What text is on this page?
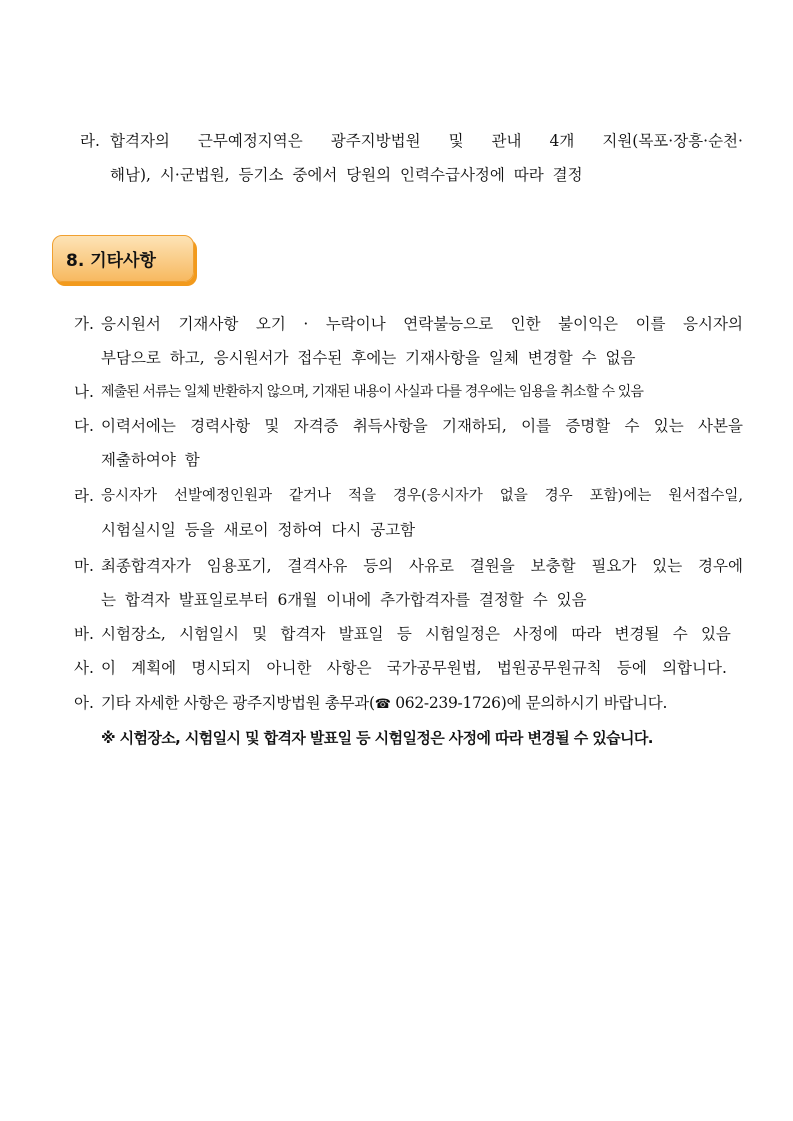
라. 합격자의 근무예정지역은 광주지방법원 및 관내 4개 지원(목포·장흥·순천·
해남), 시·군법원, 등기소 중에서 당원의 인력수급사정에 따라 결정
8. 기타사항
가. 응시원서 기재사항 오기 · 누락이나 연락불능으로 인한 불이익은 이를 응시자의
부담으로 하고, 응시원서가 접수된 후에는 기재사항을 일체 변경할 수 없음
나. 제출된 서류는 일체 반환하지 않으며, 기재된 내용이 사실과 다를 경우에는 임용을 취소할 수 있음
다. 이력서에는 경력사항 및 자격증 취득사항을 기재하되, 이를 증명할 수 있는 사본을
제출하여야 함
라. 응시자가 선발예정인원과 같거나 적을 경우(응시자가 없을 경우 포함)에는 원서접수일,
시험실시일 등을 새로이 정하여 다시 공고함
마. 최종합격자가 임용포기, 결격사유 등의 사유로 결원을 보충할 필요가 있는 경우에
는 합격자 발표일로부터 6개월 이내에 추가합격자를 결정할 수 있음
바. 시험장소, 시험일시 및 합격자 발표일 등 시험일정은 사정에 따라 변경될 수 있음
사. 이 계획에 명시되지 아니한 사항은 국가공무원법, 법원공무원규칙 등에 의합니다.
아. 기타 자세한 사항은 광주지방법원 총무과(☎ 062-239-1726)에 문의하시기 바랍니다.
※ 시험장소, 시험일시 및 합격자 발표일 등 시험일정은 사정에 따라 변경될 수 있습니다.
